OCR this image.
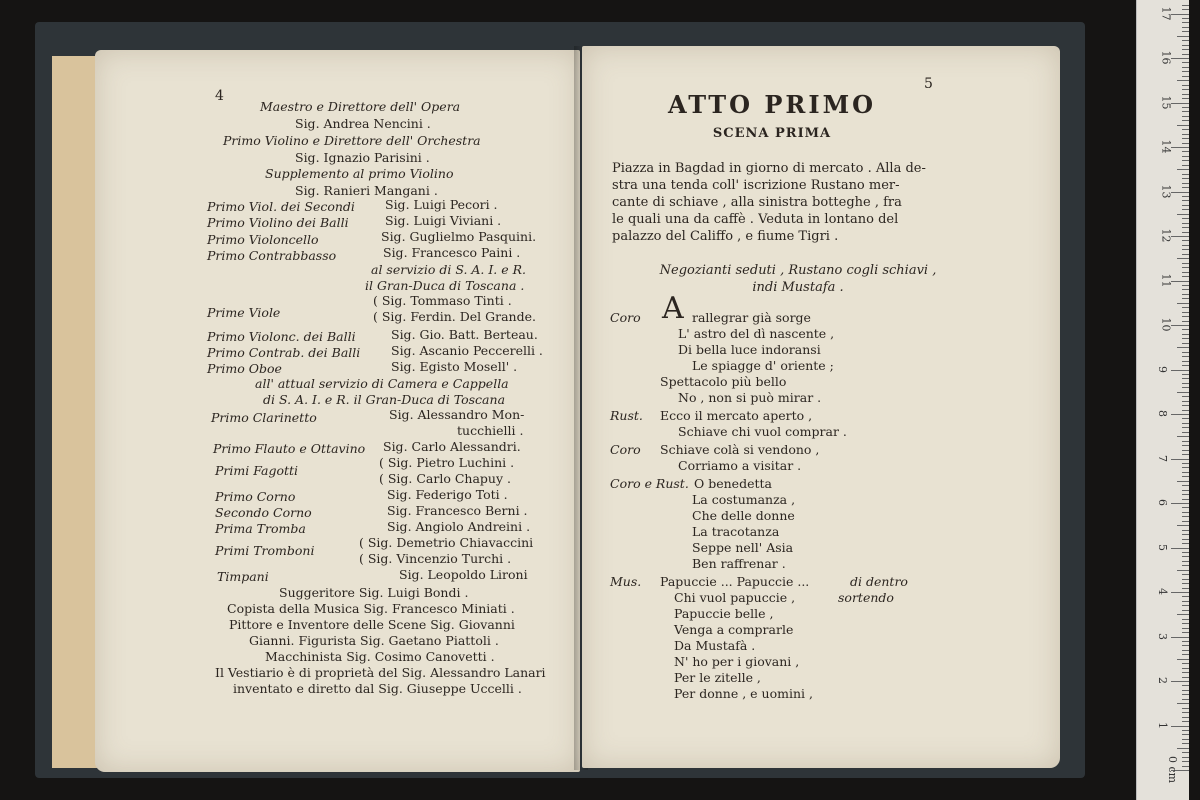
4
Maestro e Direttore dell' Opera
Sig. Andrea Nencini .
Primo Violino e Direttore dell' Orchestra
Sig. Ignazio Parisini .
Supplemento al primo Violino
Sig. Ranieri Mangani .
Primo Viol. dei Secondi Sig. Luigi Pecori .
Primo Violino dei Balli	Sig. Luigi Viviani .
Primo Violoncello	Sig. Guglielmo Pasquini.
Primo Contrabbasso	Sig. Francesco Paini .
al servizio di S. A. I. e R.
il Gran-Duca di Toscana .
Prime Viole
( Sig. Tommaso Tinti .
( Sig. Ferdin. Del Grande.
Primo Violonc. dei Balli	Sig. Gio. Batt. Berteau.
Primo Contrab. dei Balli Sig. Ascanio Peccerelli .
Primo Oboe	Sig. Egisto Mosell' .
all' attual servizio di Camera e Cappella
di S. A. I. e R. il Gran-Duca di Toscana
Primo Clarinetto	Sig. Alessandro Mon-
tucchielli .
Primo Flauto e Ottavino Sig. Carlo Alessandri.
Primi Fagotti
( Sig. Pietro Luchini .
( Sig. Carlo Chapuy .
Primo Corno	Sig. Federigo Toti .
Secondo Corno	Sig. Francesco Berni .
Prima Tromba	Sig. Angiolo Andreini .
Primi Tromboni
( Sig. Demetrio Chiavaccini
( Sig. Vincenzio Turchi .
Timpani	Sig. Leopoldo Lironi
Suggeritore Sig. Luigi Bondi .
Copista della Musica Sig. Francesco Miniati .
Pittore e Inventore delle Scene Sig. Giovanni
Gianni. Figurista Sig. Gaetano Piattoli .
Macchinista Sig. Cosimo Canovetti .
Il Vestiario è di proprietà del Sig. Alessandro Lanari
inventato e diretto dal Sig. Giuseppe Uccelli .
5
ATTO PRIMO
SCENA PRIMA
Piazza in Bagdad in giorno di mercato . Alla de-
stra una tenda coll' iscrizione Rustano mer-
cante di schiave , alla sinistra botteghe , fra
le quali una da caffè . Veduta in lontano del
palazzo del Califfo , e fiume Tigri .
Negozianti seduti , Rustano cogli schiavi ,
indi Mustafa .
A
Coro	rallegrar già sorge
L' astro del dì nascente ,
Di bella luce indoransi
Le spiagge d' oriente ;
Spettacolo più bello
No , non si può mirar .
Rust. Ecco il mercato aperto ,
Schiave chi vuol comprar .
Coro Schiave colà si vendono ,
Corriamo a visitar .
Coro e Rust. O benedetta
La costumanza ,
Che delle donne
La tracotanza
Seppe nell' Asia
Ben raffrenar .
Mus. Papuccie ... Papuccie ...	di dentro
Chi vuol papuccie ,	sortendo
Papuccie belle ,
Venga a comprarle
Da Mustafà .
N' ho per i giovani ,
Per le zitelle ,
Per donne , e uomini ,
0 cm
1
2
3
4
5
6
7
8
9
10
11
12
13
14
15
16
17
